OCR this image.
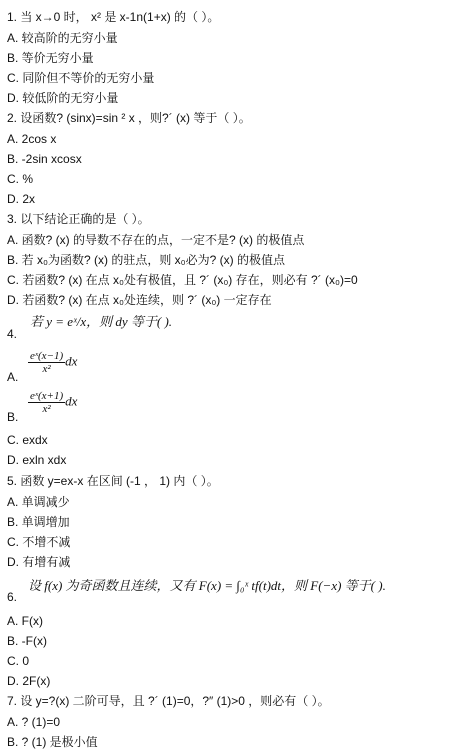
1. 当 x→0 时， x² 是 x-1n(1+x) 的（ ）。
A. 较高阶的无穷小量
B. 等价无穷小量
C. 同阶但不等价的无穷小量
D. 较低阶的无穷小量
2. 设函数? (sinx)=sin ² x ，则?´ (x) 等于（ ）。
A. 2cos x
B. -2sin xcosx
C. %
D. 2x
3. 以下结论正确的是（ ）。
A. 函数? (x) 的导数不存在的点，一定不是? (x) 的极值点
B. 若 x₀为函数? (x) 的驻点，则 x₀必为? (x) 的极值点
C. 若函数? (x) 在点 x₀处有极值，且 ?´ (x₀) 存在，则必有 ?´ (x₀)=0
D. 若函数? (x) 在点 x₀处连续，则 ?´ (x₀) 一定存在
4.
若 y = eˣ/x，则 dy 等于( ).
A.
$\frac{\text{eˣ(x−1)}}{\text{x²}}$ dx
B.
$\frac{\text{eˣ(x+1)}}{\text{x²}}$ dx
C. exdx
D. exln xdx
5. 函数 y=ex-x 在区间 (-1 ， 1) 内（ ）。
A. 单调减少
B. 单调增加
C. 不增不减
D. 有增有减
6.
设 f(x) 为奇函数且连续，又有 F(x) = ∫₀ˣ tf(t)dt，则 F(−x) 等于( ).
A. F(x)
B. -F(x)
C. 0
D. 2F(x)
7. 设 y=?(x) 二阶可导，且 ?´ (1)=0，?″ (1)>0 ，则必有（ ）。
A. ? (1)=0
B. ? (1) 是极小值
